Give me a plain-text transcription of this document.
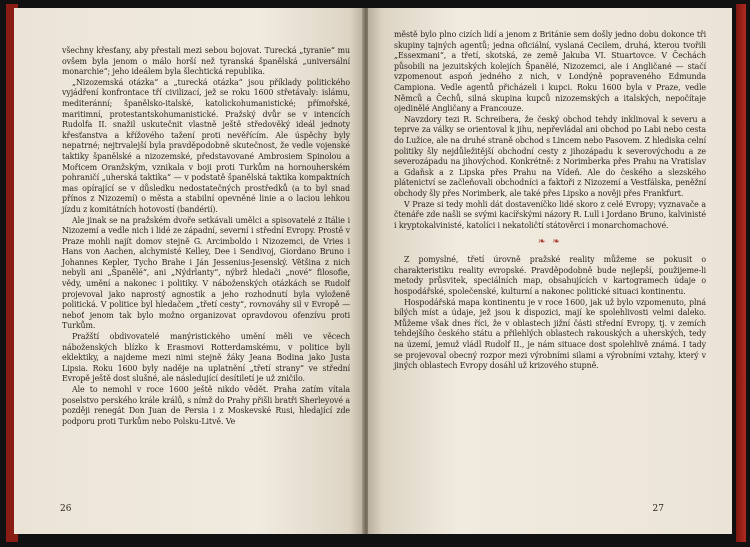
všechny křesťany, aby přestali mezi sebou bojovat. Turecká „tyranie“ mu ovšem byla jenom o málo horší než tyranská španělská „universální monarchie“; jeho ideálem byla šlechtická republika.

„Nizozemská otázka“ a „turecká otázka“ jsou příklady politického vyjádření konfrontace tří civilizací, jež se roku 1600 střetávaly: islámu, mediteránní; španělsko-italské, katolickohumanistické; přímořské, maritimní, protestantskohumanistické. Pražský dvůr se v intencích Rudolfa II. snažil uskutečnit vlastně ještě středověký ideál jednoty křesťanstva a křížového tažení proti nevěřícím. Ale úspěchy byly nepatrné; nejtrvalejší byla pravděpodobně skutečnost, že vedle vojenské taktiky španělské a nizozemské, představované Ambrosiem Spinolou a Mořicem Oranžským, vznikala v boji proti Turkům na hornouherském pohraničí „uherská taktika“ — v podstatě španělská taktika kompaktních mas opírající se v důsledku nedostatečných prostředků (a to byl snad přínos z Nizozemí) o města a stabilní opevněné linie a o laciou lehkou jízdu z komitátních hotovostí (bandérií).

Ale jinak se na pražském dvoře setkávali umělci a spisovatelé z Itálie i Nizozemí a vedle nich i lidé ze západní, severní i střední Evropy. Prostě v Praze mohli najít domov stejně G. Arcimboldo i Nizozemci, de Vries i Hans von Aachen, alchymisté Kelley, Dee i Sendivoj, Giordano Bruno i Johannes Kepler, Tycho Brahe i Ján Jessenius-Jesenský. Většina z nich nebyli ani „Španělé“, ani „Nýdrlanty“, nýbrž hledači „nové“ filosofie, vědy, umění a nakonec i politiky. V náboženských otázkách se Rudolf projevoval jako naprostý agnostik a jeho rozhodnutí byla vyloženě politická. V politice byl hledačem „třetí cesty“, rovnováhy sil v Evropě — neboť jenom tak bylo možno organizovat opravdovou ofenzívu proti Turkům.

Pražští obdivovatelé manýristického umění měli ve věcech náboženských blízko k Erasmovi Rotterdamskému, v politice byli eklektiky, a najdeme mezi nimi stejně žáky Jeana Bodina jako Justa Lipsia. Roku 1600 byly naděje na uplatnění „třetí strany“ ve střední Evropě ještě dost slušné, ale následující desítiletí je už zničilo.

Ale to nemohl v roce 1600 ještě nikdo vědět. Praha zatím vítala poselstvo perského krále králů, s nímž do Prahy přišli bratři Sherleyové a později renegát Don Juan de Persia i z Moskevské Rusi, hledající zde podporu proti Turkům nebo Polsku-Litvě. Ve

26

městě bylo plno cizích lidí a jenom z Británie sem došly jedno dobu dokonce tři skupiny tajných agentů; jedna oficiální, vyslaná Cecilem, druhá, kterou tvořili „Essexmani“, a třetí, skotská, ze země Jakuba VI. Stuartovce. V Čechách působili na jezuitských kolejích Španělé, Nizozemci, ale i Angličané — stačí vzpomenout aspoň jedného z nich, v Londýně popraveného Edmunda Campiona. Vedle agentů přicházeli i kupci. Roku 1600 byla v Praze, vedle Němců a Čechů, silná skupina kupců nizozemských a italských, nepočítaje ojedinělé Angličany a Francouze.

Navzdory tezi R. Schreibera, že český obchod tehdy inklinoval k severu a teprve za války se orientoval k jihu, nepřevládal ani obchod po Labi nebo cesta do Lužice, ale na druhé straně obchod s Lincem nebo Pasovem. Z hlediska celní politiky šly nejdůležitější obchodní cesty z jihozápadu k severovýchodu a ze severozápadu na jihovýchod. Konkrétně: z Norimberka přes Prahu na Vratislav a Gdaňsk a z Lipska přes Prahu na Vídeň. Ale do českého a slezského plátenictví se začleňovali obchodníci a faktoři z Nizozemí a Vestfálska, peněžní obchody šly přes Norimberk, ale také přes Lipsko a nověji přes Frankfurt.

V Praze si tedy mohli dát dostaveníčko lidé skoro z celé Evropy; vyznavače a čtenáře zde našli se svými kacířskými názory R. Lull i Jordano Bruno, kalvinisté i kryptokalvinisté, katolíci i nekatoličtí státověrci i monarchomachové.

❧ ❧

Z pomyslné, třetí úrovně pražské reality můžeme se pokusit o charakteristiku reality evropské. Pravděpodobně bude nejlepší, použijeme-li metody průsvitek, speciálních map, obsahujících v kartogramech údaje o hospodářské, společenské, kulturní a nakonec politické situaci kontinentu.

Hospodářská mapa kontinentu je v roce 1600, jak už bylo vzpomenuto, plná bílých míst a údaje, jež jsou k dispozici, mají ke spolehlivosti velmi daleko. Můžeme však dnes říci, že v oblastech jižní části střední Evropy, tj. v zemích tehdejšího českého státu a přilehlých oblastech rakouských a uherských, tedy na území, jemuž vládl Rudolf II., je nám situace dost spolehlivě známá. I tady se projevoval obecný rozpor mezi výrobními silami a výrobními vztahy, který v jiných oblastech Evropy dosáhl už krizového stupně.

27
